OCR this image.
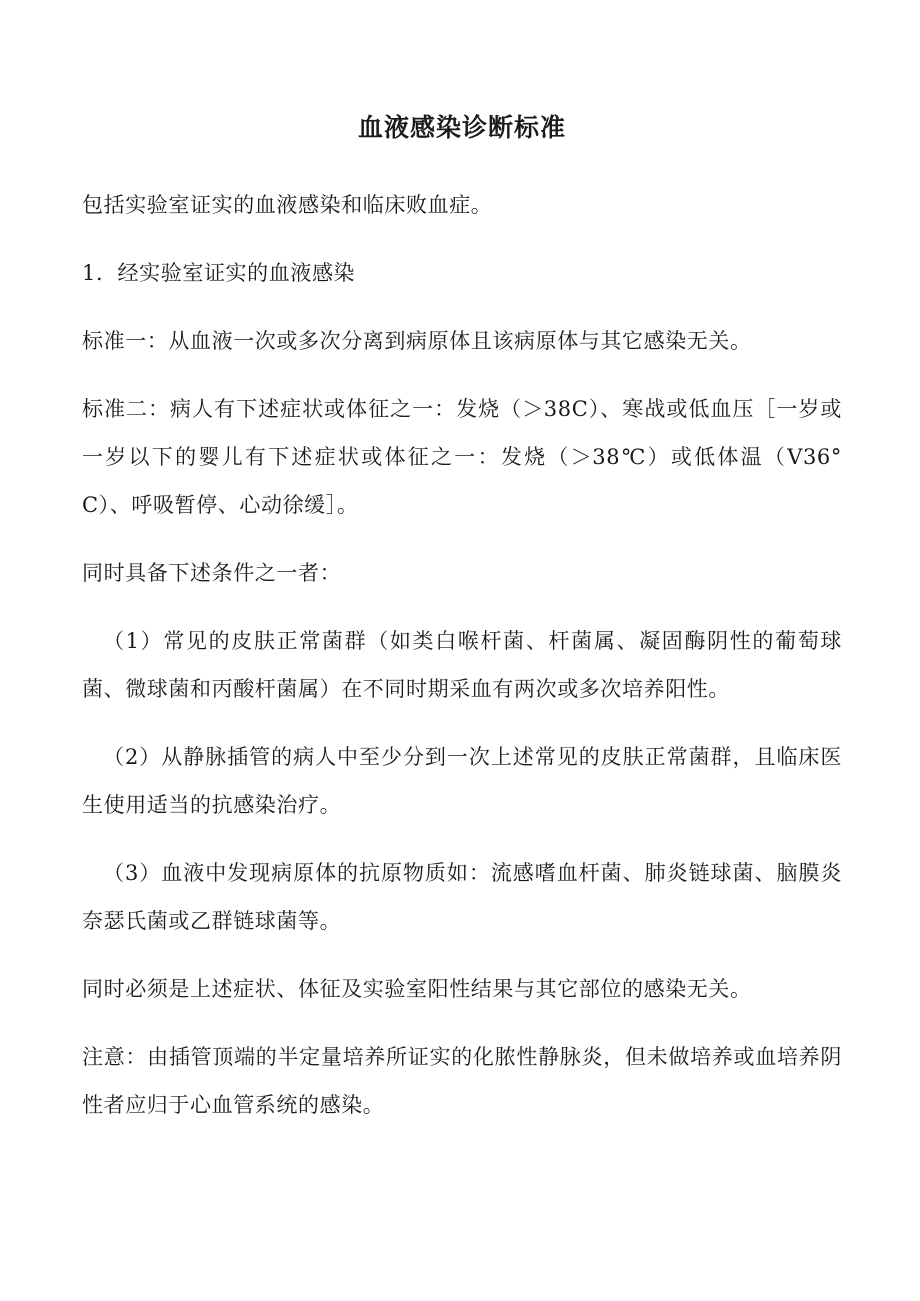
血液感染诊断标准

包括实验室证实的血液感染和临床败血症。

1．经实验室证实的血液感染

标准一：从血液一次或多次分离到病原体且该病原体与其它感染无关。

标准二：病人有下述症状或体征之一：发烧（＞38C）、寒战或低血压［一岁或一岁以下的婴儿有下述症状或体征之一：发烧（＞38℃）或低体温（V36° C）、呼吸暂停、心动徐缓］。

同时具备下述条件之一者：

（1）常见的皮肤正常菌群（如类白喉杆菌、杆菌属、凝固酶阴性的葡萄球菌、微球菌和丙酸杆菌属）在不同时期采血有两次或多次培养阳性。

（2）从静脉插管的病人中至少分到一次上述常见的皮肤正常菌群，且临床医生使用适当的抗感染治疗。

（3）血液中发现病原体的抗原物质如：流感嗜血杆菌、肺炎链球菌、脑膜炎奈瑟氏菌或乙群链球菌等。

同时必须是上述症状、体征及实验室阳性结果与其它部位的感染无关。

注意：由插管顶端的半定量培养所证实的化脓性静脉炎，但未做培养或血培养阴性者应归于心血管系统的感染。
